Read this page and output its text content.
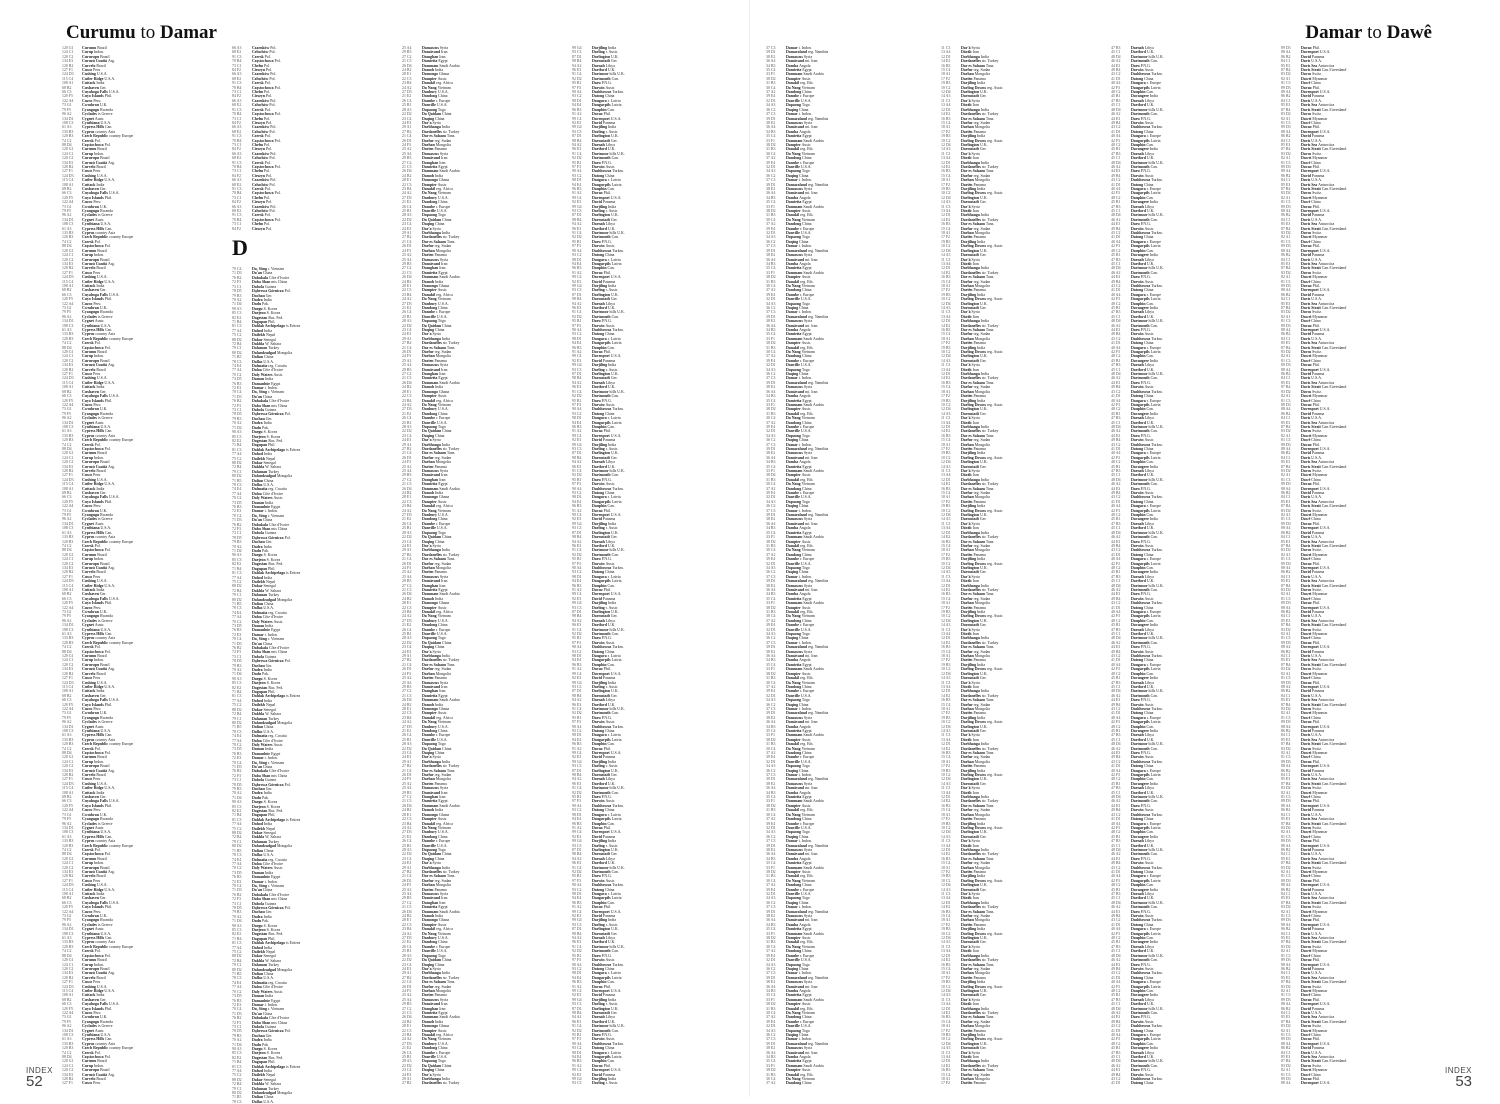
Curumu to Damar
120 G1 Curumu Brazil
124 C1 Curup Indon.
120 C2 Cururupu Brazil
134 E3 Curuzú Cuatiá Arg.
120 B2 Curvelo Brazil
127 F1 Cusco Peru
124 D3 Cushing U.S.A.
115 C4 Cutler Ridge U.S.A.
108 A1 Cuttack India
68 B2	Cuxhaven Ger.
66 C3	Cuyahoga Falls U.S.A.
120 F5 Cuyo Islands Phil.
122 A4 Cuzco Peru
73 G1	Cwmbran U.K.
79 F5	Cyangugu Rwanda
96 A2	Cyclades is Greece
134 D1 Cygnet Austr.
108 C3 Cynthiana U.S.A.
61 A3	Cypress Hills Can.
133 B3 Cyprus country Asia
120 B3 Czech Republic country Europe
74 C2	Czersk Pol.
88 D4	Częstochowa Pol.
120 G1 Curumu Brazil
124 C1 Curup Indon.
120 C2 Cururupu Brazil
134 E3 Curuzú Cuatiá Arg.
120 B2 Curvelo Brazil
127 F1 Cusco Peru
124 D3 Cushing U.S.A.
115 C4 Cutler Ridge U.S.A.
108 A1 Cuttack India
68 B2	Cuxhaven Ger.
66 C3	Cuyahoga Falls U.S.A.
120 F5 Cuyo Islands Phil.
122 A4 Cuzco Peru
73 G1	Cwmbran U.K.
79 F5	Cyangugu Rwanda
96 A2	Cyclades is Greece
134 D1 Cygnet Austr.
108 C3 Cynthiana U.S.A.
61 A3	Cypress Hills Can.
133 B3 Cyprus country Asia
120 B3 Czech Republic country Europe
74 C2	Czersk Pol.
88 D4	Częstochowa Pol.
120 G1 Curumu Brazil
124 C1 Curup Indon.
120 C2 Cururupu Brazil
134 E3 Curuzú Cuatiá Arg.
120 B2 Curvelo Brazil
127 F1 Cusco Peru
124 D3 Cushing U.S.A.
115 C4 Cutler Ridge U.S.A.
108 A1 Cuttack India
68 B2	Cuxhaven Ger.
66 C3	Cuyahoga Falls U.S.A.
120 F5 Cuyo Islands Phil.
122 A4 Cuzco Peru
73 G1	Cwmbran U.K.
79 F5	Cyangugu Rwanda
96 A2	Cyclades is Greece
134 D1 Cygnet Austr.
108 C3 Cynthiana U.S.A.
61 A3	Cypress Hills Can.
133 B3 Cyprus country Asia
120 B3 Czech Republic country Europe
74 C2	Czersk Pol.
88 D4	Częstochowa Pol.
120 G1 Curumu Brazil
124 C1 Curup Indon.
120 C2 Cururupu Brazil
134 E3 Curuzú Cuatiá Arg.
120 B2 Curvelo Brazil
127 F1 Cusco Peru
124 D3 Cushing U.S.A.
115 C4 Cutler Ridge U.S.A.
108 A1 Cuttack India
68 B2	Cuxhaven Ger.
66 C3	Cuyahoga Falls U.S.A.
120 F5 Cuyo Islands Phil.
122 A4 Cuzco Peru
73 G1	Cwmbran U.K.
79 F5	Cyangugu Rwanda
96 A2	Cyclades is Greece
134 D1 Cygnet Austr.
108 C3 Cynthiana U.S.A.
61 A3	Cypress Hills Can.
133 B3 Cyprus country Asia
120 B3 Czech Republic country Europe
74 C2	Czersk Pol.
88 D4	Częstochowa Pol.
120 G1 Curumu Brazil
124 C1 Curup Indon.
120 C2 Cururupu Brazil
134 E3 Curuzú Cuatiá Arg.
120 B2 Curvelo Brazil
127 F1 Cusco Peru
124 D3 Cushing U.S.A.
115 C4 Cutler Ridge U.S.A.
108 A1 Cuttack India
68 B2	Cuxhaven Ger.
66 C3	Cuyahoga Falls U.S.A.
120 F5 Cuyo Islands Phil.
122 A4 Cuzco Peru
73 G1	Cwmbran U.K.
79 F5	Cyangugu Rwanda
96 A2	Cyclades is Greece
134 D1 Cygnet Austr.
108 C3 Cynthiana U.S.A.
61 A3	Cypress Hills Can.
133 B3 Cyprus country Asia
120 B3 Czech Republic country Europe
74 C2	Czersk Pol.
88 D4	Częstochowa Pol.
120 G1 Curumu Brazil
124 C1 Curup Indon.
120 C2 Cururupu Brazil
134 E3 Curuzú Cuatiá Arg.
120 B2 Curvelo Brazil
127 F1 Cusco Peru
124 D3 Cushing U.S.A.
115 C4 Cutler Ridge U.S.A.
108 A1 Cuttack India
68 B2	Cuxhaven Ger.
66 C3	Cuyahoga Falls U.S.A.
120 F5 Cuyo Islands Phil.
122 A4 Cuzco Peru
73 G1	Cwmbran U.K.
79 F5	Cyangugu Rwanda
96 A2	Cyclades is Greece
134 D1 Cygnet Austr.
108 C3 Cynthiana U.S.A.
61 A3	Cypress Hills Can.
133 B3 Cyprus country Asia
120 B3 Czech Republic country Europe
74 C2	Czersk Pol.
88 D4	Częstochowa Pol.
120 G1 Curumu Brazil
124 C1 Curup Indon.
120 C2 Cururupu Brazil
134 E3 Curuzú Cuatiá Arg.
120 B2 Curvelo Brazil
127 F1 Cusco Peru
124 D3 Cushing U.S.A.
115 C4 Cutler Ridge U.S.A.
108 A1 Cuttack India
68 B2	Cuxhaven Ger.
66 C3	Cuyahoga Falls U.S.A.
120 F5 Cuyo Islands Phil.
122 A4 Cuzco Peru
73 G1	Cwmbran U.K.
79 F5	Cyangugu Rwanda
96 A2	Cyclades is Greece
134 D1 Cygnet Austr.
108 C3 Cynthiana U.S.A.
61 A3	Cypress Hills Can.
133 B3 Cyprus country Asia
120 B3 Czech Republic country Europe
74 C2	Czersk Pol.
88 D4	Częstochowa Pol.
120 G1 Curumu Brazil
124 C1 Curup Indon.
120 C2 Cururupu Brazil
134 E3 Curuzú Cuatiá Arg.
120 B2 Curvelo Brazil
127 F1 Cusco Peru
124 D3 Cushing U.S.A.
115 C4 Cutler Ridge U.S.A.
108 A1 Cuttack India
68 B2	Cuxhaven Ger.
66 C3	Cuyahoga Falls U.S.A.
120 F5 Cuyo Islands Phil.
122 A4 Cuzco Peru
73 G1	Cwmbran U.K.
79 F5	Cyangugu Rwanda
96 A2	Cyclades is Greece
134 D1 Cygnet Austr.
108 C3 Cynthiana U.S.A.
61 A3	Cypress Hills Can.
133 B3 Cyprus country Asia
120 B3 Czech Republic country Europe
74 C2	Czersk Pol.
88 D4	Częstochowa Pol.
120 G1 Curumu Brazil
124 C1 Curup Indon.
120 C2 Cururupu Brazil
134 E3 Curuzú Cuatiá Arg.
120 B2 Curvelo Brazil
127 F1 Cusco Peru
124 D3 Cushing U.S.A.
115 C4 Cutler Ridge U.S.A.
108 A1 Cuttack India
68 B2	Cuxhaven Ger.
66 C3	Cuyahoga Falls U.S.A.
120 F5 Cuyo Islands Phil.
122 A4 Cuzco Peru
73 G1	Cwmbran U.K.
79 F5	Cyangugu Rwanda
96 A2	Cyclades is Greece
134 D1 Cygnet Austr.
108 C3 Cynthiana U.S.A.
61 A3	Cypress Hills Can.
133 B3 Cyprus country Asia
120 B3 Czech Republic country Europe
74 C2	Czersk Pol.
88 D4	Częstochowa Pol.
120 G1 Curumu Brazil
124 C1 Curup Indon.
120 C2 Cururupu Brazil
134 E3 Curuzú Cuatiá Arg.
120 B2 Curvelo Brazil
127 F1 Cusco Peru
124 D3 Cushing U.S.A.
115 C4 Cutler Ridge U.S.A.
108 A1 Cuttack India
68 B2	Cuxhaven Ger.
66 C3	Cuyahoga Falls U.S.A.
120 F5 Cuyo Islands Phil.
122 A4 Cuzco Peru
73 G1	Cwmbran U.K.
79 F5	Cyangugu Rwanda
96 A2	Cyclades is Greece
134 D1 Cygnet Austr.
108 C3 Cynthiana U.S.A.
61 A3	Cypress Hills Can.
133 B3 Cyprus country Asia
120 B3 Czech Republic country Europe
74 C2	Czersk Pol.
88 D4	Częstochowa Pol.
120 G1 Curumu Brazil
124 C1 Curup Indon.
120 C2 Cururupu Brazil
134 E3 Curuzú Cuatiá Arg.
120 B2 Curvelo Brazil
127 F1 Cusco Peru
66 A3	Czarnków Pol.
68 E2	Człuchów Pol.
91 C3	Czersk Pol.
70 B4	Częstochowa Pol.
73 C1	Chełm Pol.
84 F2	Cieszyn Pol.
66 A3	Czarnków Pol.
68 E2	Człuchów Pol.
91 C3	Czersk Pol.
70 B4	Częstochowa Pol.
73 C1	Chełm Pol.
84 F2	Cieszyn Pol.
66 A3	Czarnków Pol.
68 E2	Człuchów Pol.
91 C3	Czersk Pol.
70 B4	Częstochowa Pol.
73 C1	Chełm Pol.
84 F2	Cieszyn Pol.
66 A3	Czarnków Pol.
68 E2	Człuchów Pol.
91 C3	Czersk Pol.
70 B4	Częstochowa Pol.
73 C1	Chełm Pol.
84 F2	Cieszyn Pol.
66 A3	Czarnków Pol.
68 E2	Człuchów Pol.
91 C3	Czersk Pol.
70 B4	Częstochowa Pol.
73 C1	Chełm Pol.
84 F2	Cieszyn Pol.
66 A3	Czarnków Pol.
68 E2	Człuchów Pol.
91 C3	Czersk Pol.
70 B4	Częstochowa Pol.
73 C1	Chełm Pol.
84 F2	Cieszyn Pol.
66 A3	Czarnków Pol.
68 E2	Człuchów Pol.
91 C3	Czersk Pol.
70 B4	Częstochowa Pol.
73 C1	Chełm Pol.
84 F2	Cieszyn Pol.
D
70 C4	Da, Sông r. Vietnam
71 D3	Da'an China
76 B2	Dabakala Côte d'Ivoire
72 F3	Daba Shan mts China
73 C1	Dabola Guinea
78 D5	Dąbrowa Górnicza Pol.
79 B3	Dachau Ger.
70 A2	Dadra India
71 D4	Dadu Pak.
90 A3	Daegu S. Korea
85 C3	Daejeon S. Korea
82 E2	Dagestan Rus. Fed.
71 B4	Dagupan Phil.
81 C3	Dahlak Archipelago is Eritrea
77 A4	Dahod India
75 C2	Dailekh Nepal
88 D2	Dakar Senegal
72 B4	Dakhla W. Sahara
79 C1	Dalaman Turkey
80 D2	Dalandzadgad Mongolia
71 B5	Dalian China
78 C3	Dallas U.S.A.
74 E4	Dalmatia reg. Croatia
77 A4	Daloa Côte d'Ivoire
70 C2	Daly Waters Austr.
73 D5	Daman India
76 B3	Damanhūr Egypt
72 E3	Damar i. Indon.
70 C4	Da, Sông r. Vietnam
71 D3	Da'an China
76 B2	Dabakala Côte d'Ivoire
72 F3	Daba Shan mts China
73 C1	Dabola Guinea
78 D5	Dąbrowa Górnicza Pol.
79 B3	Dachau Ger.
70 A2	Dadra India
71 D4	Dadu Pak.
90 A3	Daegu S. Korea
85 C3	Daejeon S. Korea
82 E2	Dagestan Rus. Fed.
71 B4	Dagupan Phil.
81 C3	Dahlak Archipelago is Eritrea
77 A4	Dahod India
75 C2	Dailekh Nepal
88 D2	Dakar Senegal
72 B4	Dakhla W. Sahara
79 C1	Dalaman Turkey
80 D2	Dalandzadgad Mongolia
71 B5	Dalian China
78 C3	Dallas U.S.A.
74 E4	Dalmatia reg. Croatia
77 A4	Daloa Côte d'Ivoire
70 C2	Daly Waters Austr.
73 D5	Daman India
76 B3	Damanhūr Egypt
72 E3	Damar i. Indon.
70 C4	Da, Sông r. Vietnam
71 D3	Da'an China
76 B2	Dabakala Côte d'Ivoire
72 F3	Daba Shan mts China
73 C1	Dabola Guinea
78 D5	Dąbrowa Górnicza Pol.
79 B3	Dachau Ger.
70 A2	Dadra India
71 D4	Dadu Pak.
90 A3	Daegu S. Korea
85 C3	Daejeon S. Korea
82 E2	Dagestan Rus. Fed.
71 B4	Dagupan Phil.
81 C3	Dahlak Archipelago is Eritrea
77 A4	Dahod India
75 C2	Dailekh Nepal
88 D2	Dakar Senegal
72 B4	Dakhla W. Sahara
79 C1	Dalaman Turkey
80 D2	Dalandzadgad Mongolia
71 B5	Dalian China
78 C3	Dallas U.S.A.
74 E4	Dalmatia reg. Croatia
77 A4	Daloa Côte d'Ivoire
70 C2	Daly Waters Austr.
73 D5	Daman India
76 B3	Damanhūr Egypt
72 E3	Damar i. Indon.
70 C4	Da, Sông r. Vietnam
71 D3	Da'an China
76 B2	Dabakala Côte d'Ivoire
72 F3	Daba Shan mts China
73 C1	Dabola Guinea
78 D5	Dąbrowa Górnicza Pol.
79 B3	Dachau Ger.
70 A2	Dadra India
71 D4	Dadu Pak.
90 A3	Daegu S. Korea
85 C3	Daejeon S. Korea
82 E2	Dagestan Rus. Fed.
71 B4	Dagupan Phil.
81 C3	Dahlak Archipelago is Eritrea
77 A4	Dahod India
75 C2	Dailekh Nepal
88 D2	Dakar Senegal
72 B4	Dakhla W. Sahara
79 C1	Dalaman Turkey
80 D2	Dalandzadgad Mongolia
71 B5	Dalian China
78 C3	Dallas U.S.A.
74 E4	Dalmatia reg. Croatia
77 A4	Daloa Côte d'Ivoire
70 C2	Daly Waters Austr.
73 D5	Daman India
76 B3	Damanhūr Egypt
72 E3	Damar i. Indon.
70 C4	Da, Sông r. Vietnam
71 D3	Da'an China
76 B2	Dabakala Côte d'Ivoire
72 F3	Daba Shan mts China
73 C1	Dabola Guinea
78 D5	Dąbrowa Górnicza Pol.
79 B3	Dachau Ger.
70 A2	Dadra India
71 D4	Dadu Pak.
90 A3	Daegu S. Korea
85 C3	Daejeon S. Korea
82 E2	Dagestan Rus. Fed.
71 B4	Dagupan Phil.
81 C3	Dahlak Archipelago is Eritrea
77 A4	Dahod India
75 C2	Dailekh Nepal
88 D2	Dakar Senegal
72 B4	Dakhla W. Sahara
79 C1	Dalaman Turkey
80 D2	Dalandzadgad Mongolia
71 B5	Dalian China
78 C3	Dallas U.S.A.
74 E4	Dalmatia reg. Croatia
77 A4	Daloa Côte d'Ivoire
70 C2	Daly Waters Austr.
73 D5	Daman India
76 B3	Damanhūr Egypt
72 E3	Damar i. Indon.
70 C4	Da, Sông r. Vietnam
71 D3	Da'an China
76 B2	Dabakala Côte d'Ivoire
72 F3	Daba Shan mts China
73 C1	Dabola Guinea
78 D5	Dąbrowa Górnicza Pol.
79 B3	Dachau Ger.
70 A2	Dadra India
71 D4	Dadu Pak.
90 A3	Daegu S. Korea
85 C3	Daejeon S. Korea
82 E2	Dagestan Rus. Fed.
71 B4	Dagupan Phil.
81 C3	Dahlak Archipelago is Eritrea
77 A4	Dahod India
75 C2	Dailekh Nepal
88 D2	Dakar Senegal
72 B4	Dakhla W. Sahara
79 C1	Dalaman Turkey
80 D2	Dalandzadgad Mongolia
71 B5	Dalian China
78 C3	Dallas U.S.A.
74 E4	Dalmatia reg. Croatia
77 A4	Daloa Côte d'Ivoire
70 C2	Daly Waters Austr.
73 D5	Daman India
76 B3	Damanhūr Egypt
72 E3	Damar i. Indon.
70 C4	Da, Sông r. Vietnam
71 D3	Da'an China
76 B2	Dabakala Côte d'Ivoire
72 F3	Daba Shan mts China
73 C1	Dabola Guinea
78 D5	Dąbrowa Górnicza Pol.
79 B3	Dachau Ger.
70 A2	Dadra India
71 D4	Dadu Pak.
90 A3	Daegu S. Korea
85 C3	Daejeon S. Korea
82 E2	Dagestan Rus. Fed.
71 B4	Dagupan Phil.
81 C3	Dahlak Archipelago is Eritrea
77 A4	Dahod India
75 C2	Dailekh Nepal
88 D2	Dakar Senegal
72 B4	Dakhla W. Sahara
79 C1	Dalaman Turkey
80 D2	Dalandzadgad Mongolia
71 B5	Dalian China
78 C3	Dallas U.S.A.
25 A4	Damascus Syria
29 B3	Damāvand Iran
27 C2	Damghan Iran
21 C3	Damietta Egypt
26 D4	Dammam Saudi Arabia
24 B2	Damoh India
28 E1	Damongo Ghana
22 C3	Dampier Austr.
23 B4	Danakil reg. Africa
24 A2	Da Nang Vietnam
27 D3	Danbury U.S.A.
21 E2	Dandong China
26 C4	Danube r. Europe
25 B1	Danville U.S.A.
28 A3	Dapaong Togo
22 D2	Da Qaidam China
23 C4	Daqing China
24 E3	Dar'a Syria
29 A1	Darbhanga India
27 B2	Dardanelles str. Turkey
21 C4	Dar es Salaam Tanz.
26 D1	Darfur reg. Sudan
24 F3	Darhan Mongolia
25 A2	Darien Panama
25 A4	Damascus Syria
29 B3	Damāvand Iran
27 C2	Damghan Iran
21 C3	Damietta Egypt
26 D4	Dammam Saudi Arabia
24 B2	Damoh India
28 E1	Damongo Ghana
22 C3	Dampier Austr.
23 B4	Danakil reg. Africa
24 A2	Da Nang Vietnam
27 D3	Danbury U.S.A.
21 E2	Dandong China
26 C4	Danube r. Europe
25 B1	Danville U.S.A.
28 A3	Dapaong Togo
22 D2	Da Qaidam China
23 C4	Daqing China
24 E3	Dar'a Syria
29 A1	Darbhanga India
27 B2	Dardanelles str. Turkey
21 C4	Dar es Salaam Tanz.
26 D1	Darfur reg. Sudan
24 F3	Darhan Mongolia
25 A2	Darien Panama
25 A4	Damascus Syria
29 B3	Damāvand Iran
27 C2	Damghan Iran
21 C3	Damietta Egypt
26 D4	Dammam Saudi Arabia
24 B2	Damoh India
28 E1	Damongo Ghana
22 C3	Dampier Austr.
23 B4	Danakil reg. Africa
24 A2	Da Nang Vietnam
27 D3	Danbury U.S.A.
21 E2	Dandong China
26 C4	Danube r. Europe
25 B1	Danville U.S.A.
28 A3	Dapaong Togo
22 D2	Da Qaidam China
23 C4	Daqing China
24 E3	Dar'a Syria
29 A1	Darbhanga India
27 B2	Dardanelles str. Turkey
21 C4	Dar es Salaam Tanz.
26 D1	Darfur reg. Sudan
24 F3	Darhan Mongolia
25 A2	Darien Panama
25 A4	Damascus Syria
29 B3	Damāvand Iran
27 C2	Damghan Iran
21 C3	Damietta Egypt
26 D4	Dammam Saudi Arabia
24 B2	Damoh India
28 E1	Damongo Ghana
22 C3	Dampier Austr.
23 B4	Danakil reg. Africa
24 A2	Da Nang Vietnam
27 D3	Danbury U.S.A.
21 E2	Dandong China
26 C4	Danube r. Europe
25 B1	Danville U.S.A.
28 A3	Dapaong Togo
22 D2	Da Qaidam China
23 C4	Daqing China
24 E3	Dar'a Syria
29 A1	Darbhanga India
27 B2	Dardanelles str. Turkey
21 C4	Dar es Salaam Tanz.
26 D1	Darfur reg. Sudan
24 F3	Darhan Mongolia
25 A2	Darien Panama
25 A4	Damascus Syria
29 B3	Damāvand Iran
27 C2	Damghan Iran
21 C3	Damietta Egypt
26 D4	Dammam Saudi Arabia
24 B2	Damoh India
28 E1	Damongo Ghana
22 C3	Dampier Austr.
23 B4	Danakil reg. Africa
24 A2	Da Nang Vietnam
27 D3	Danbury U.S.A.
21 E2	Dandong China
26 C4	Danube r. Europe
25 B1	Danville U.S.A.
28 A3	Dapaong Togo
22 D2	Da Qaidam China
23 C4	Daqing China
24 E3	Dar'a Syria
29 A1	Darbhanga India
27 B2	Dardanelles str. Turkey
21 C4	Dar es Salaam Tanz.
26 D1	Darfur reg. Sudan
24 F3	Darhan Mongolia
25 A2	Darien Panama
25 A4	Damascus Syria
29 B3	Damāvand Iran
27 C2	Damghan Iran
21 C3	Damietta Egypt
26 D4	Dammam Saudi Arabia
24 B2	Damoh India
28 E1	Damongo Ghana
22 C3	Dampier Austr.
23 B4	Danakil reg. Africa
24 A2	Da Nang Vietnam
27 D3	Danbury U.S.A.
21 E2	Dandong China
26 C4	Danube r. Europe
25 B1	Danville U.S.A.
28 A3	Dapaong Togo
22 D2	Da Qaidam China
23 C4	Daqing China
24 E3	Dar'a Syria
29 A1	Darbhanga India
27 B2	Dardanelles str. Turkey
21 C4	Dar es Salaam Tanz.
26 D1	Darfur reg. Sudan
24 F3	Darhan Mongolia
25 A2	Darien Panama
25 A4	Damascus Syria
29 B3	Damāvand Iran
27 C2	Damghan Iran
21 C3	Damietta Egypt
26 D4	Dammam Saudi Arabia
24 B2	Damoh India
28 E1	Damongo Ghana
22 C3	Dampier Austr.
23 B4	Danakil reg. Africa
24 A2	Da Nang Vietnam
27 D3	Danbury U.S.A.
21 E2	Dandong China
26 C4	Danube r. Europe
25 B1	Danville U.S.A.
28 A3	Dapaong Togo
22 D2	Da Qaidam China
23 C4	Daqing China
24 E3	Dar'a Syria
29 A1	Darbhanga India
27 B2	Dardanelles str. Turkey
21 C4	Dar es Salaam Tanz.
26 D1	Darfur reg. Sudan
24 F3	Darhan Mongolia
25 A2	Darien Panama
25 A4	Damascus Syria
29 B3	Damāvand Iran
27 C2	Damghan Iran
21 C3	Damietta Egypt
26 D4	Dammam Saudi Arabia
24 B2	Damoh India
28 E1	Damongo Ghana
22 C3	Dampier Austr.
23 B4	Danakil reg. Africa
24 A2	Da Nang Vietnam
27 D3	Danbury U.S.A.
21 E2	Dandong China
26 C4	Danube r. Europe
25 B1	Danville U.S.A.
28 A3	Dapaong Togo
22 D2	Da Qaidam China
23 C4	Daqing China
24 E3	Dar'a Syria
29 A1	Darbhanga India
27 B2	Dardanelles str. Turkey
21 C4	Dar es Salaam Tanz.
26 D1	Darfur reg. Sudan
24 F3	Darhan Mongolia
25 A2	Darien Panama
25 A4	Damascus Syria
29 B3	Damāvand Iran
27 C2	Damghan Iran
21 C3	Damietta Egypt
26 D4	Dammam Saudi Arabia
24 B2	Damoh India
28 E1	Damongo Ghana
22 C3	Dampier Austr.
23 B4	Danakil reg. Africa
24 A2	Da Nang Vietnam
27 D3	Danbury U.S.A.
21 E2	Dandong China
26 C4	Danube r. Europe
25 B1	Danville U.S.A.
28 A3	Dapaong Togo
22 D2	Da Qaidam China
23 C4	Daqing China
24 E3	Dar'a Syria
29 A1	Darbhanga India
27 B2	Dardanelles str. Turkey
21 C4	Dar es Salaam Tanz.
26 D1	Darfur reg. Sudan
24 F3	Darhan Mongolia
25 A2	Darien Panama
25 A4	Damascus Syria
29 B3	Damāvand Iran
27 C2	Damghan Iran
21 C3	Damietta Egypt
26 D4	Dammam Saudi Arabia
24 B2	Damoh India
28 E1	Damongo Ghana
22 C3	Dampier Austr.
23 B4	Danakil reg. Africa
24 A2	Da Nang Vietnam
27 D3	Danbury U.S.A.
21 E2	Dandong China
26 C4	Danube r. Europe
25 B1	Danville U.S.A.
28 A3	Dapaong Togo
22 D2	Da Qaidam China
23 C4	Daqing China
24 E3	Dar'a Syria
29 A1	Darbhanga India
27 B2	Dardanelles str. Turkey
99 G4	Darjiling India
93 C3	Darling r. Austr.
87 D1	Darlington U.K.
98 B4	Darmstadt Ger.
94 A2	Darnah Libya
96 E3	Dartford U.K.
91 C4	Dartmoor hills U.K.
92 D2	Dartmouth Can.
95 B1	Daru P.N.G.
97 F3	Darwin Austr.
90 A4	Dashhowuz Turkm.
93 C2	Datong China
98 D1	Daugava r. Latvia
94 E4	Daugavpils Latvia
96 B3	Dauphin Can.
91 A2	Davao Phil.
99 C4	Davenport U.S.A.
92 E3	David Panama
99 G4	Darjiling India
93 C3	Darling r. Austr.
87 D1	Darlington U.K.
98 B4	Darmstadt Ger.
94 A2	Darnah Libya
96 E3	Dartford U.K.
91 C4	Dartmoor hills U.K.
92 D2	Dartmouth Can.
95 B1	Daru P.N.G.
97 F3	Darwin Austr.
90 A4	Dashhowuz Turkm.
93 C2	Datong China
98 D1	Daugava r. Latvia
94 E4	Daugavpils Latvia
96 B3	Dauphin Can.
91 A2	Davao Phil.
99 C4	Davenport U.S.A.
92 E3	David Panama
99 G4	Darjiling India
93 C3	Darling r. Austr.
87 D1	Darlington U.K.
98 B4	Darmstadt Ger.
94 A2	Darnah Libya
96 E3	Dartford U.K.
91 C4	Dartmoor hills U.K.
92 D2	Dartmouth Can.
95 B1	Daru P.N.G.
97 F3	Darwin Austr.
90 A4	Dashhowuz Turkm.
93 C2	Datong China
98 D1	Daugava r. Latvia
94 E4	Daugavpils Latvia
96 B3	Dauphin Can.
91 A2	Davao Phil.
99 C4	Davenport U.S.A.
92 E3	David Panama
99 G4	Darjiling India
93 C3	Darling r. Austr.
87 D1	Darlington U.K.
98 B4	Darmstadt Ger.
94 A2	Darnah Libya
96 E3	Dartford U.K.
91 C4	Dartmoor hills U.K.
92 D2	Dartmouth Can.
95 B1	Daru P.N.G.
97 F3	Darwin Austr.
90 A4	Dashhowuz Turkm.
93 C2	Datong China
98 D1	Daugava r. Latvia
94 E4	Daugavpils Latvia
96 B3	Dauphin Can.
91 A2	Davao Phil.
99 C4	Davenport U.S.A.
92 E3	David Panama
99 G4	Darjiling India
93 C3	Darling r. Austr.
87 D1	Darlington U.K.
98 B4	Darmstadt Ger.
94 A2	Darnah Libya
96 E3	Dartford U.K.
91 C4	Dartmoor hills U.K.
92 D2	Dartmouth Can.
95 B1	Daru P.N.G.
97 F3	Darwin Austr.
90 A4	Dashhowuz Turkm.
93 C2	Datong China
98 D1	Daugava r. Latvia
94 E4	Daugavpils Latvia
96 B3	Dauphin Can.
91 A2	Davao Phil.
99 C4	Davenport U.S.A.
92 E3	David Panama
99 G4	Darjiling India
93 C3	Darling r. Austr.
87 D1	Darlington U.K.
98 B4	Darmstadt Ger.
94 A2	Darnah Libya
96 E3	Dartford U.K.
91 C4	Dartmoor hills U.K.
92 D2	Dartmouth Can.
95 B1	Daru P.N.G.
97 F3	Darwin Austr.
90 A4	Dashhowuz Turkm.
93 C2	Datong China
98 D1	Daugava r. Latvia
94 E4	Daugavpils Latvia
96 B3	Dauphin Can.
91 A2	Davao Phil.
99 C4	Davenport U.S.A.
92 E3	David Panama
99 G4	Darjiling India
93 C3	Darling r. Austr.
87 D1	Darlington U.K.
98 B4	Darmstadt Ger.
94 A2	Darnah Libya
96 E3	Dartford U.K.
91 C4	Dartmoor hills U.K.
92 D2	Dartmouth Can.
95 B1	Daru P.N.G.
97 F3	Darwin Austr.
90 A4	Dashhowuz Turkm.
93 C2	Datong China
98 D1	Daugava r. Latvia
94 E4	Daugavpils Latvia
96 B3	Dauphin Can.
91 A2	Davao Phil.
99 C4	Davenport U.S.A.
92 E3	David Panama
99 G4	Darjiling India
93 C3	Darling r. Austr.
87 D1	Darlington U.K.
98 B4	Darmstadt Ger.
94 A2	Darnah Libya
96 E3	Dartford U.K.
91 C4	Dartmoor hills U.K.
92 D2	Dartmouth Can.
95 B1	Daru P.N.G.
97 F3	Darwin Austr.
90 A4	Dashhowuz Turkm.
93 C2	Datong China
98 D1	Daugava r. Latvia
94 E4	Daugavpils Latvia
96 B3	Dauphin Can.
91 A2	Davao Phil.
99 C4	Davenport U.S.A.
92 E3	David Panama
99 G4	Darjiling India
93 C3	Darling r. Austr.
87 D1	Darlington U.K.
98 B4	Darmstadt Ger.
94 A2	Darnah Libya
96 E3	Dartford U.K.
91 C4	Dartmoor hills U.K.
92 D2	Dartmouth Can.
95 B1	Daru P.N.G.
97 F3	Darwin Austr.
90 A4	Dashhowuz Turkm.
93 C2	Datong China
98 D1	Daugava r. Latvia
94 E4	Daugavpils Latvia
96 B3	Dauphin Can.
91 A2	Davao Phil.
99 C4	Davenport U.S.A.
92 E3	David Panama
99 G4	Darjiling India
93 C3	Darling r. Austr.
87 D1	Darlington U.K.
98 B4	Darmstadt Ger.
94 A2	Darnah Libya
96 E3	Dartford U.K.
91 C4	Dartmoor hills U.K.
92 D2	Dartmouth Can.
95 B1	Daru P.N.G.
97 F3	Darwin Austr.
90 A4	Dashhowuz Turkm.
93 C2	Datong China
98 D1	Daugava r. Latvia
94 E4	Daugavpils Latvia
96 B3	Dauphin Can.
91 A2	Davao Phil.
99 C4	Davenport U.S.A.
92 E3	David Panama
99 G4	Darjiling India
93 C3	Darling r. Austr.
87 D1	Darlington U.K.
98 B4	Darmstadt Ger.
94 A2	Darnah Libya
96 E3	Dartford U.K.
91 C4	Dartmoor hills U.K.
92 D2	Dartmouth Can.
95 B1	Daru P.N.G.
97 F3	Darwin Austr.
90 A4	Dashhowuz Turkm.
93 C2	Datong China
98 D1	Daugava r. Latvia
94 E4	Daugavpils Latvia
96 B3	Dauphin Can.
91 A2	Davao Phil.
99 C4	Davenport U.S.A.
92 E3	David Panama
99 G4	Darjiling India
93 C3	Darling r. Austr.
87 D1	Darlington U.K.
98 B4	Darmstadt Ger.
94 A2	Darnah Libya
96 E3	Dartford U.K.
91 C4	Dartmoor hills U.K.
92 D2	Dartmouth Can.
95 B1	Daru P.N.G.
97 F3	Darwin Austr.
90 A4	Dashhowuz Turkm.
93 C2	Datong China
98 D1	Daugava r. Latvia
94 E4	Daugavpils Latvia
96 B3	Dauphin Can.
91 A2	Davao Phil.
99 C4	Davenport U.S.A.
92 E3	David Panama
99 G4	Darjiling India
93 C3	Darling r. Austr.
87 D1	Darlington U.K.
98 B4	Darmstadt Ger.
94 A2	Darnah Libya
96 E3	Dartford U.K.
91 C4	Dartmoor hills U.K.
92 D2	Dartmouth Can.
95 B1	Daru P.N.G.
97 F3	Darwin Austr.
90 A4	Dashhowuz Turkm.
93 C2	Datong China
98 D1	Daugava r. Latvia
94 E4	Daugavpils Latvia
96 B3	Dauphin Can.
91 A2	Davao Phil.
99 C4	Davenport U.S.A.
92 E3	David Panama
99 G4	Darjiling India
93 C3	Darling r. Austr.
INDEX
52
Damar to Dawê
37 C3	Damar i. Indon.
39 D1	Damaraland reg. Namibia
38 E2	Damascus Syria
36 A4	Damāvand mt. Iran
34 B3	Damba Angola
35 C4	Damietta Egypt
33 F1	Dammam Saudi Arabia
38 D2	Dampier Austr.
31 B3	Danakil reg. Eth.
30 C4	Da Nang Vietnam
37 A2	Dandong China
39 E4	Danube r. Europe
32 D1	Danville U.S.A.
34 A3	Dapaong Togo
36 C2	Daqing China
37 C3	Damar i. Indon.
39 D1	Damaraland reg. Namibia
38 E2	Damascus Syria
36 A4	Damāvand mt. Iran
34 B3	Damba Angola
35 C4	Damietta Egypt
33 F1	Dammam Saudi Arabia
38 D2	Dampier Austr.
31 B3	Danakil reg. Eth.
30 C4	Da Nang Vietnam
37 A2	Dandong China
39 E4	Danube r. Europe
32 D1	Danville U.S.A.
34 A3	Dapaong Togo
36 C2	Daqing China
37 C3	Damar i. Indon.
39 D1	Damaraland reg. Namibia
38 E2	Damascus Syria
36 A4	Damāvand mt. Iran
34 B3	Damba Angola
35 C4	Damietta Egypt
33 F1	Dammam Saudi Arabia
38 D2	Dampier Austr.
31 B3	Danakil reg. Eth.
30 C4	Da Nang Vietnam
37 A2	Dandong China
39 E4	Danube r. Europe
32 D1	Danville U.S.A.
34 A3	Dapaong Togo
36 C2	Daqing China
37 C3	Damar i. Indon.
39 D1	Damaraland reg. Namibia
38 E2	Damascus Syria
36 A4	Damāvand mt. Iran
34 B3	Damba Angola
35 C4	Damietta Egypt
33 F1	Dammam Saudi Arabia
38 D2	Dampier Austr.
31 B3	Danakil reg. Eth.
30 C4	Da Nang Vietnam
37 A2	Dandong China
39 E4	Danube r. Europe
32 D1	Danville U.S.A.
34 A3	Dapaong Togo
36 C2	Daqing China
37 C3	Damar i. Indon.
39 D1	Damaraland reg. Namibia
38 E2	Damascus Syria
36 A4	Damāvand mt. Iran
34 B3	Damba Angola
35 C4	Damietta Egypt
33 F1	Dammam Saudi Arabia
38 D2	Dampier Austr.
31 B3	Danakil reg. Eth.
30 C4	Da Nang Vietnam
37 A2	Dandong China
39 E4	Danube r. Europe
32 D1	Danville U.S.A.
34 A3	Dapaong Togo
36 C2	Daqing China
37 C3	Damar i. Indon.
39 D1	Damaraland reg. Namibia
38 E2	Damascus Syria
36 A4	Damāvand mt. Iran
34 B3	Damba Angola
35 C4	Damietta Egypt
33 F1	Dammam Saudi Arabia
38 D2	Dampier Austr.
31 B3	Danakil reg. Eth.
30 C4	Da Nang Vietnam
37 A2	Dandong China
39 E4	Danube r. Europe
32 D1	Danville U.S.A.
34 A3	Dapaong Togo
36 C2	Daqing China
37 C3	Damar i. Indon.
39 D1	Damaraland reg. Namibia
38 E2	Damascus Syria
36 A4	Damāvand mt. Iran
34 B3	Damba Angola
35 C4	Damietta Egypt
33 F1	Dammam Saudi Arabia
38 D2	Dampier Austr.
31 B3	Danakil reg. Eth.
30 C4	Da Nang Vietnam
37 A2	Dandong China
39 E4	Danube r. Europe
32 D1	Danville U.S.A.
34 A3	Dapaong Togo
36 C2	Daqing China
37 C3	Damar i. Indon.
39 D1	Damaraland reg. Namibia
38 E2	Damascus Syria
36 A4	Damāvand mt. Iran
34 B3	Damba Angola
35 C4	Damietta Egypt
33 F1	Dammam Saudi Arabia
38 D2	Dampier Austr.
31 B3	Danakil reg. Eth.
30 C4	Da Nang Vietnam
37 A2	Dandong China
39 E4	Danube r. Europe
32 D1	Danville U.S.A.
34 A3	Dapaong Togo
36 C2	Daqing China
37 C3	Damar i. Indon.
39 D1	Damaraland reg. Namibia
38 E2	Damascus Syria
36 A4	Damāvand mt. Iran
34 B3	Damba Angola
35 C4	Damietta Egypt
33 F1	Dammam Saudi Arabia
38 D2	Dampier Austr.
31 B3	Danakil reg. Eth.
30 C4	Da Nang Vietnam
37 A2	Dandong China
39 E4	Danube r. Europe
32 D1	Danville U.S.A.
34 A3	Dapaong Togo
36 C2	Daqing China
37 C3	Damar i. Indon.
39 D1	Damaraland reg. Namibia
38 E2	Damascus Syria
36 A4	Damāvand mt. Iran
34 B3	Damba Angola
35 C4	Damietta Egypt
33 F1	Dammam Saudi Arabia
38 D2	Dampier Austr.
31 B3	Danakil reg. Eth.
30 C4	Da Nang Vietnam
37 A2	Dandong China
39 E4	Danube r. Europe
32 D1	Danville U.S.A.
34 A3	Dapaong Togo
36 C2	Daqing China
37 C3	Damar i. Indon.
39 D1	Damaraland reg. Namibia
38 E2	Damascus Syria
36 A4	Damāvand mt. Iran
34 B3	Damba Angola
35 C4	Damietta Egypt
33 F1	Dammam Saudi Arabia
38 D2	Dampier Austr.
31 B3	Danakil reg. Eth.
30 C4	Da Nang Vietnam
37 A2	Dandong China
39 E4	Danube r. Europe
32 D1	Danville U.S.A.
34 A3	Dapaong Togo
36 C2	Daqing China
37 C3	Damar i. Indon.
39 D1	Damaraland reg. Namibia
38 E2	Damascus Syria
36 A4	Damāvand mt. Iran
34 B3	Damba Angola
35 C4	Damietta Egypt
33 F1	Dammam Saudi Arabia
38 D2	Dampier Austr.
31 B3	Danakil reg. Eth.
30 C4	Da Nang Vietnam
37 A2	Dandong China
39 E4	Danube r. Europe
32 D1	Danville U.S.A.
34 A3	Dapaong Togo
36 C2	Daqing China
37 C3	Damar i. Indon.
39 D1	Damaraland reg. Namibia
38 E2	Damascus Syria
36 A4	Damāvand mt. Iran
34 B3	Damba Angola
35 C4	Damietta Egypt
33 F1	Dammam Saudi Arabia
38 D2	Dampier Austr.
31 B3	Danakil reg. Eth.
30 C4	Da Nang Vietnam
37 A2	Dandong China
39 E4	Danube r. Europe
32 D1	Danville U.S.A.
34 A3	Dapaong Togo
36 C2	Daqing China
37 C3	Damar i. Indon.
39 D1	Damaraland reg. Namibia
38 E2	Damascus Syria
36 A4	Damāvand mt. Iran
34 B3	Damba Angola
35 C4	Damietta Egypt
33 F1	Dammam Saudi Arabia
38 D2	Dampier Austr.
31 B3	Danakil reg. Eth.
30 C4	Da Nang Vietnam
37 A2	Dandong China
39 E4	Danube r. Europe
32 D1	Danville U.S.A.
34 A3	Dapaong Togo
36 C2	Daqing China
37 C3	Damar i. Indon.
39 D1	Damaraland reg. Namibia
38 E2	Damascus Syria
36 A4	Damāvand mt. Iran
34 B3	Damba Angola
35 C4	Damietta Egypt
33 F1	Dammam Saudi Arabia
38 D2	Dampier Austr.
31 B3	Danakil reg. Eth.
30 C4	Da Nang Vietnam
37 A2	Dandong China
39 E4	Danube r. Europe
32 D1	Danville U.S.A.
34 A3	Dapaong Togo
36 C2	Daqing China
37 C3	Damar i. Indon.
39 D1	Damaraland reg. Namibia
38 E2	Damascus Syria
36 A4	Damāvand mt. Iran
34 B3	Damba Angola
35 C4	Damietta Egypt
33 F1	Dammam Saudi Arabia
38 D2	Dampier Austr.
31 B3	Danakil reg. Eth.
30 C4	Da Nang Vietnam
37 A2	Dandong China
11 C3	Dar'ā Syria
13 A4	Dārāb Iran
12 D1	Darbhanga India
14 E2	Dardanelles str. Turkey
16 B3	Dar es Salaam Tanz.
15 C4	Darfur reg. Sudan
18 A1	Darhan Mongolia
17 F2	Darién Panama
19 B3	Darjiling India
10 C2	Darling Downs reg. Austr.
12 D4	Darlington U.K.
14 A3	Darmstadt Ger.
11 C3	Dar'ā Syria
13 A4	Dārāb Iran
12 D1	Darbhanga India
14 E2	Dardanelles str. Turkey
16 B3	Dar es Salaam Tanz.
15 C4	Darfur reg. Sudan
18 A1	Darhan Mongolia
17 F2	Darién Panama
19 B3	Darjiling India
10 C2	Darling Downs reg. Austr.
12 D4	Darlington U.K.
14 A3	Darmstadt Ger.
11 C3	Dar'ā Syria
13 A4	Dārāb Iran
12 D1	Darbhanga India
14 E2	Dardanelles str. Turkey
16 B3	Dar es Salaam Tanz.
15 C4	Darfur reg. Sudan
18 A1	Darhan Mongolia
17 F2	Darién Panama
19 B3	Darjiling India
10 C2	Darling Downs reg. Austr.
12 D4	Darlington U.K.
14 A3	Darmstadt Ger.
11 C3	Dar'ā Syria
13 A4	Dārāb Iran
12 D1	Darbhanga India
14 E2	Dardanelles str. Turkey
16 B3	Dar es Salaam Tanz.
15 C4	Darfur reg. Sudan
18 A1	Darhan Mongolia
17 F2	Darién Panama
19 B3	Darjiling India
10 C2	Darling Downs reg. Austr.
12 D4	Darlington U.K.
14 A3	Darmstadt Ger.
11 C3	Dar'ā Syria
13 A4	Dārāb Iran
12 D1	Darbhanga India
14 E2	Dardanelles str. Turkey
16 B3	Dar es Salaam Tanz.
15 C4	Darfur reg. Sudan
18 A1	Darhan Mongolia
17 F2	Darién Panama
19 B3	Darjiling India
10 C2	Darling Downs reg. Austr.
12 D4	Darlington U.K.
14 A3	Darmstadt Ger.
11 C3	Dar'ā Syria
13 A4	Dārāb Iran
12 D1	Darbhanga India
14 E2	Dardanelles str. Turkey
16 B3	Dar es Salaam Tanz.
15 C4	Darfur reg. Sudan
18 A1	Darhan Mongolia
17 F2	Darién Panama
19 B3	Darjiling India
10 C2	Darling Downs reg. Austr.
12 D4	Darlington U.K.
14 A3	Darmstadt Ger.
11 C3	Dar'ā Syria
13 A4	Dārāb Iran
12 D1	Darbhanga India
14 E2	Dardanelles str. Turkey
16 B3	Dar es Salaam Tanz.
15 C4	Darfur reg. Sudan
18 A1	Darhan Mongolia
17 F2	Darién Panama
19 B3	Darjiling India
10 C2	Darling Downs reg. Austr.
12 D4	Darlington U.K.
14 A3	Darmstadt Ger.
11 C3	Dar'ā Syria
13 A4	Dārāb Iran
12 D1	Darbhanga India
14 E2	Dardanelles str. Turkey
16 B3	Dar es Salaam Tanz.
15 C4	Darfur reg. Sudan
18 A1	Darhan Mongolia
17 F2	Darién Panama
19 B3	Darjiling India
10 C2	Darling Downs reg. Austr.
12 D4	Darlington U.K.
14 A3	Darmstadt Ger.
11 C3	Dar'ā Syria
13 A4	Dārāb Iran
12 D1	Darbhanga India
14 E2	Dardanelles str. Turkey
16 B3	Dar es Salaam Tanz.
15 C4	Darfur reg. Sudan
18 A1	Darhan Mongolia
17 F2	Darién Panama
19 B3	Darjiling India
10 C2	Darling Downs reg. Austr.
12 D4	Darlington U.K.
14 A3	Darmstadt Ger.
11 C3	Dar'ā Syria
13 A4	Dārāb Iran
12 D1	Darbhanga India
14 E2	Dardanelles str. Turkey
16 B3	Dar es Salaam Tanz.
15 C4	Darfur reg. Sudan
18 A1	Darhan Mongolia
17 F2	Darién Panama
19 B3	Darjiling India
10 C2	Darling Downs reg. Austr.
12 D4	Darlington U.K.
14 A3	Darmstadt Ger.
11 C3	Dar'ā Syria
13 A4	Dārāb Iran
12 D1	Darbhanga India
14 E2	Dardanelles str. Turkey
16 B3	Dar es Salaam Tanz.
15 C4	Darfur reg. Sudan
18 A1	Darhan Mongolia
17 F2	Darién Panama
19 B3	Darjiling India
10 C2	Darling Downs reg. Austr.
12 D4	Darlington U.K.
14 A3	Darmstadt Ger.
11 C3	Dar'ā Syria
13 A4	Dārāb Iran
12 D1	Darbhanga India
14 E2	Dardanelles str. Turkey
16 B3	Dar es Salaam Tanz.
15 C4	Darfur reg. Sudan
18 A1	Darhan Mongolia
17 F2	Darién Panama
19 B3	Darjiling India
10 C2	Darling Downs reg. Austr.
12 D4	Darlington U.K.
14 A3	Darmstadt Ger.
11 C3	Dar'ā Syria
13 A4	Dārāb Iran
12 D1	Darbhanga India
14 E2	Dardanelles str. Turkey
16 B3	Dar es Salaam Tanz.
15 C4	Darfur reg. Sudan
18 A1	Darhan Mongolia
17 F2	Darién Panama
19 B3	Darjiling India
10 C2	Darling Downs reg. Austr.
12 D4	Darlington U.K.
14 A3	Darmstadt Ger.
11 C3	Dar'ā Syria
13 A4	Dārāb Iran
12 D1	Darbhanga India
14 E2	Dardanelles str. Turkey
16 B3	Dar es Salaam Tanz.
15 C4	Darfur reg. Sudan
18 A1	Darhan Mongolia
17 F2	Darién Panama
19 B3	Darjiling India
10 C2	Darling Downs reg. Austr.
12 D4	Darlington U.K.
14 A3	Darmstadt Ger.
11 C3	Dar'ā Syria
13 A4	Dārāb Iran
12 D1	Darbhanga India
14 E2	Dardanelles str. Turkey
16 B3	Dar es Salaam Tanz.
15 C4	Darfur reg. Sudan
18 A1	Darhan Mongolia
17 F2	Darién Panama
19 B3	Darjiling India
10 C2	Darling Downs reg. Austr.
12 D4	Darlington U.K.
14 A3	Darmstadt Ger.
11 C3	Dar'ā Syria
13 A4	Dārāb Iran
12 D1	Darbhanga India
14 E2	Dardanelles str. Turkey
16 B3	Dar es Salaam Tanz.
15 C4	Darfur reg. Sudan
18 A1	Darhan Mongolia
17 F2	Darién Panama
19 B3	Darjiling India
10 C2	Darling Downs reg. Austr.
12 D4	Darlington U.K.
14 A3	Darmstadt Ger.
11 C3	Dar'ā Syria
13 A4	Dārāb Iran
12 D1	Darbhanga India
14 E2	Dardanelles str. Turkey
16 B3	Dar es Salaam Tanz.
15 C4	Darfur reg. Sudan
18 A1	Darhan Mongolia
17 F2	Darién Panama
19 B3	Darjiling India
10 C2	Darling Downs reg. Austr.
12 D4	Darlington U.K.
14 A3	Darmstadt Ger.
11 C3	Dar'ā Syria
13 A4	Dārāb Iran
12 D1	Darbhanga India
14 E2	Dardanelles str. Turkey
16 B3	Dar es Salaam Tanz.
15 C4	Darfur reg. Sudan
18 A1	Darhan Mongolia
17 F2	Darién Panama
19 B3	Darjiling India
10 C2	Darling Downs reg. Austr.
12 D4	Darlington U.K.
14 A3	Darmstadt Ger.
11 C3	Dar'ā Syria
13 A4	Dārāb Iran
12 D1	Darbhanga India
14 E2	Dardanelles str. Turkey
16 B3	Dar es Salaam Tanz.
15 C4	Darfur reg. Sudan
18 A1	Darhan Mongolia
17 F2	Darién Panama
19 B3	Darjiling India
10 C2	Darling Downs reg. Austr.
12 D4	Darlington U.K.
14 A3	Darmstadt Ger.
11 C3	Dar'ā Syria
13 A4	Dārāb Iran
12 D1	Darbhanga India
14 E2	Dardanelles str. Turkey
16 B3	Dar es Salaam Tanz.
15 C4	Darfur reg. Sudan
18 A1	Darhan Mongolia
17 F2	Darién Panama
47 B3	Darnah Libya
45 C1	Dartford U.K.
48 D4	Dartmoor hills U.K.
46 A2	Dartmouth Can.
44 E3	Daru P.N.G.
49 B4	Darwin Austr.
43 C2	Dashhowuz Turkm.
41 D1	Datong China
40 A4	Daugava r. Europe
42 F3	Daugavpils Latvia
48 C2	Dauphin Can.
45 B1	Davangere India
47 B3	Darnah Libya
45 C1	Dartford U.K.
48 D4	Dartmoor hills U.K.
46 A2	Dartmouth Can.
44 E3	Daru P.N.G.
49 B4	Darwin Austr.
43 C2	Dashhowuz Turkm.
41 D1	Datong China
40 A4	Daugava r. Europe
42 F3	Daugavpils Latvia
48 C2	Dauphin Can.
45 B1	Davangere India
47 B3	Darnah Libya
45 C1	Dartford U.K.
48 D4	Dartmoor hills U.K.
46 A2	Dartmouth Can.
44 E3	Daru P.N.G.
49 B4	Darwin Austr.
43 C2	Dashhowuz Turkm.
41 D1	Datong China
40 A4	Daugava r. Europe
42 F3	Daugavpils Latvia
48 C2	Dauphin Can.
45 B1	Davangere India
47 B3	Darnah Libya
45 C1	Dartford U.K.
48 D4	Dartmoor hills U.K.
46 A2	Dartmouth Can.
44 E3	Daru P.N.G.
49 B4	Darwin Austr.
43 C2	Dashhowuz Turkm.
41 D1	Datong China
40 A4	Daugava r. Europe
42 F3	Daugavpils Latvia
48 C2	Dauphin Can.
45 B1	Davangere India
47 B3	Darnah Libya
45 C1	Dartford U.K.
48 D4	Dartmoor hills U.K.
46 A2	Dartmouth Can.
44 E3	Daru P.N.G.
49 B4	Darwin Austr.
43 C2	Dashhowuz Turkm.
41 D1	Datong China
40 A4	Daugava r. Europe
42 F3	Daugavpils Latvia
48 C2	Dauphin Can.
45 B1	Davangere India
47 B3	Darnah Libya
45 C1	Dartford U.K.
48 D4	Dartmoor hills U.K.
46 A2	Dartmouth Can.
44 E3	Daru P.N.G.
49 B4	Darwin Austr.
43 C2	Dashhowuz Turkm.
41 D1	Datong China
40 A4	Daugava r. Europe
42 F3	Daugavpils Latvia
48 C2	Dauphin Can.
45 B1	Davangere India
47 B3	Darnah Libya
45 C1	Dartford U.K.
48 D4	Dartmoor hills U.K.
46 A2	Dartmouth Can.
44 E3	Daru P.N.G.
49 B4	Darwin Austr.
43 C2	Dashhowuz Turkm.
41 D1	Datong China
40 A4	Daugava r. Europe
42 F3	Daugavpils Latvia
48 C2	Dauphin Can.
45 B1	Davangere India
47 B3	Darnah Libya
45 C1	Dartford U.K.
48 D4	Dartmoor hills U.K.
46 A2	Dartmouth Can.
44 E3	Daru P.N.G.
49 B4	Darwin Austr.
43 C2	Dashhowuz Turkm.
41 D1	Datong China
40 A4	Daugava r. Europe
42 F3	Daugavpils Latvia
48 C2	Dauphin Can.
45 B1	Davangere India
47 B3	Darnah Libya
45 C1	Dartford U.K.
48 D4	Dartmoor hills U.K.
46 A2	Dartmouth Can.
44 E3	Daru P.N.G.
49 B4	Darwin Austr.
43 C2	Dashhowuz Turkm.
41 D1	Datong China
40 A4	Daugava r. Europe
42 F3	Daugavpils Latvia
48 C2	Dauphin Can.
45 B1	Davangere India
47 B3	Darnah Libya
45 C1	Dartford U.K.
48 D4	Dartmoor hills U.K.
46 A2	Dartmouth Can.
44 E3	Daru P.N.G.
49 B4	Darwin Austr.
43 C2	Dashhowuz Turkm.
41 D1	Datong China
40 A4	Daugava r. Europe
42 F3	Daugavpils Latvia
48 C2	Dauphin Can.
45 B1	Davangere India
47 B3	Darnah Libya
45 C1	Dartford U.K.
48 D4	Dartmoor hills U.K.
46 A2	Dartmouth Can.
44 E3	Daru P.N.G.
49 B4	Darwin Austr.
43 C2	Dashhowuz Turkm.
41 D1	Datong China
40 A4	Daugava r. Europe
42 F3	Daugavpils Latvia
48 C2	Dauphin Can.
45 B1	Davangere India
47 B3	Darnah Libya
45 C1	Dartford U.K.
48 D4	Dartmoor hills U.K.
46 A2	Dartmouth Can.
44 E3	Daru P.N.G.
49 B4	Darwin Austr.
43 C2	Dashhowuz Turkm.
41 D1	Datong China
40 A4	Daugava r. Europe
42 F3	Daugavpils Latvia
48 C2	Dauphin Can.
45 B1	Davangere India
47 B3	Darnah Libya
45 C1	Dartford U.K.
48 D4	Dartmoor hills U.K.
46 A2	Dartmouth Can.
44 E3	Daru P.N.G.
49 B4	Darwin Austr.
43 C2	Dashhowuz Turkm.
41 D1	Datong China
40 A4	Daugava r. Europe
42 F3	Daugavpils Latvia
48 C2	Dauphin Can.
45 B1	Davangere India
47 B3	Darnah Libya
45 C1	Dartford U.K.
48 D4	Dartmoor hills U.K.
46 A2	Dartmouth Can.
44 E3	Daru P.N.G.
49 B4	Darwin Austr.
43 C2	Dashhowuz Turkm.
41 D1	Datong China
40 A4	Daugava r. Europe
42 F3	Daugavpils Latvia
48 C2	Dauphin Can.
45 B1	Davangere India
47 B3	Darnah Libya
45 C1	Dartford U.K.
48 D4	Dartmoor hills U.K.
46 A2	Dartmouth Can.
44 E3	Daru P.N.G.
49 B4	Darwin Austr.
43 C2	Dashhowuz Turkm.
41 D1	Datong China
40 A4	Daugava r. Europe
42 F3	Daugavpils Latvia
48 C2	Dauphin Can.
45 B1	Davangere India
47 B3	Darnah Libya
45 C1	Dartford U.K.
48 D4	Dartmoor hills U.K.
46 A2	Dartmouth Can.
44 E3	Daru P.N.G.
49 B4	Darwin Austr.
43 C2	Dashhowuz Turkm.
41 D1	Datong China
40 A4	Daugava r. Europe
42 F3	Daugavpils Latvia
48 C2	Dauphin Can.
45 B1	Davangere India
47 B3	Darnah Libya
45 C1	Dartford U.K.
48 D4	Dartmoor hills U.K.
46 A2	Dartmouth Can.
44 E3	Daru P.N.G.
49 B4	Darwin Austr.
43 C2	Dashhowuz Turkm.
41 D1	Datong China
40 A4	Daugava r. Europe
42 F3	Daugavpils Latvia
48 C2	Dauphin Can.
45 B1	Davangere India
47 B3	Darnah Libya
45 C1	Dartford U.K.
48 D4	Dartmoor hills U.K.
46 A2	Dartmouth Can.
44 E3	Daru P.N.G.
49 B4	Darwin Austr.
43 C2	Dashhowuz Turkm.
41 D1	Datong China
40 A4	Daugava r. Europe
42 F3	Daugavpils Latvia
48 C2	Dauphin Can.
45 B1	Davangere India
47 B3	Darnah Libya
45 C1	Dartford U.K.
48 D4	Dartmoor hills U.K.
46 A2	Dartmouth Can.
44 E3	Daru P.N.G.
49 B4	Darwin Austr.
43 C2	Dashhowuz Turkm.
41 D1	Datong China
40 A4	Daugava r. Europe
42 F3	Daugavpils Latvia
48 C2	Dauphin Can.
45 B1	Davangere India
47 B3	Darnah Libya
45 C1	Dartford U.K.
48 D4	Dartmoor hills U.K.
46 A2	Dartmouth Can.
44 E3	Daru P.N.G.
49 B4	Darwin Austr.
43 C2	Dashhowuz Turkm.
41 D1	Datong China
89 D3	Davao Phil.
88 A4	Davenport U.S.A.
86 B2	David Panama
84 C1	Davis U.S.A.
85 E3	Davis Sea Antarctica
87 B4	Davis Strait Can./Greenland
83 D2	Davos Switz.
82 A1	Dawei Myanmar
81 C3	Dawê China
89 D3	Davao Phil.
88 A4	Davenport U.S.A.
86 B2	David Panama
84 C1	Davis U.S.A.
85 E3	Davis Sea Antarctica
87 B4	Davis Strait Can./Greenland
83 D2	Davos Switz.
82 A1	Dawei Myanmar
81 C3	Dawê China
89 D3	Davao Phil.
88 A4	Davenport U.S.A.
86 B2	David Panama
84 C1	Davis U.S.A.
85 E3	Davis Sea Antarctica
87 B4	Davis Strait Can./Greenland
83 D2	Davos Switz.
82 A1	Dawei Myanmar
81 C3	Dawê China
89 D3	Davao Phil.
88 A4	Davenport U.S.A.
86 B2	David Panama
84 C1	Davis U.S.A.
85 E3	Davis Sea Antarctica
87 B4	Davis Strait Can./Greenland
83 D2	Davos Switz.
82 A1	Dawei Myanmar
81 C3	Dawê China
89 D3	Davao Phil.
88 A4	Davenport U.S.A.
86 B2	David Panama
84 C1	Davis U.S.A.
85 E3	Davis Sea Antarctica
87 B4	Davis Strait Can./Greenland
83 D2	Davos Switz.
82 A1	Dawei Myanmar
81 C3	Dawê China
89 D3	Davao Phil.
88 A4	Davenport U.S.A.
86 B2	David Panama
84 C1	Davis U.S.A.
85 E3	Davis Sea Antarctica
87 B4	Davis Strait Can./Greenland
83 D2	Davos Switz.
82 A1	Dawei Myanmar
81 C3	Dawê China
89 D3	Davao Phil.
88 A4	Davenport U.S.A.
86 B2	David Panama
84 C1	Davis U.S.A.
85 E3	Davis Sea Antarctica
87 B4	Davis Strait Can./Greenland
83 D2	Davos Switz.
82 A1	Dawei Myanmar
81 C3	Dawê China
89 D3	Davao Phil.
88 A4	Davenport U.S.A.
86 B2	David Panama
84 C1	Davis U.S.A.
85 E3	Davis Sea Antarctica
87 B4	Davis Strait Can./Greenland
83 D2	Davos Switz.
82 A1	Dawei Myanmar
81 C3	Dawê China
89 D3	Davao Phil.
88 A4	Davenport U.S.A.
86 B2	David Panama
84 C1	Davis U.S.A.
85 E3	Davis Sea Antarctica
87 B4	Davis Strait Can./Greenland
83 D2	Davos Switz.
82 A1	Dawei Myanmar
81 C3	Dawê China
89 D3	Davao Phil.
88 A4	Davenport U.S.A.
86 B2	David Panama
84 C1	Davis U.S.A.
85 E3	Davis Sea Antarctica
87 B4	Davis Strait Can./Greenland
83 D2	Davos Switz.
82 A1	Dawei Myanmar
81 C3	Dawê China
89 D3	Davao Phil.
88 A4	Davenport U.S.A.
86 B2	David Panama
84 C1	Davis U.S.A.
85 E3	Davis Sea Antarctica
87 B4	Davis Strait Can./Greenland
83 D2	Davos Switz.
82 A1	Dawei Myanmar
81 C3	Dawê China
89 D3	Davao Phil.
88 A4	Davenport U.S.A.
86 B2	David Panama
84 C1	Davis U.S.A.
85 E3	Davis Sea Antarctica
87 B4	Davis Strait Can./Greenland
83 D2	Davos Switz.
82 A1	Dawei Myanmar
81 C3	Dawê China
89 D3	Davao Phil.
88 A4	Davenport U.S.A.
86 B2	David Panama
84 C1	Davis U.S.A.
85 E3	Davis Sea Antarctica
87 B4	Davis Strait Can./Greenland
83 D2	Davos Switz.
82 A1	Dawei Myanmar
81 C3	Dawê China
89 D3	Davao Phil.
88 A4	Davenport U.S.A.
86 B2	David Panama
84 C1	Davis U.S.A.
85 E3	Davis Sea Antarctica
87 B4	Davis Strait Can./Greenland
83 D2	Davos Switz.
82 A1	Dawei Myanmar
81 C3	Dawê China
89 D3	Davao Phil.
88 A4	Davenport U.S.A.
86 B2	David Panama
84 C1	Davis U.S.A.
85 E3	Davis Sea Antarctica
87 B4	Davis Strait Can./Greenland
83 D2	Davos Switz.
82 A1	Dawei Myanmar
81 C3	Dawê China
89 D3	Davao Phil.
88 A4	Davenport U.S.A.
86 B2	David Panama
84 C1	Davis U.S.A.
85 E3	Davis Sea Antarctica
87 B4	Davis Strait Can./Greenland
83 D2	Davos Switz.
82 A1	Dawei Myanmar
81 C3	Dawê China
89 D3	Davao Phil.
88 A4	Davenport U.S.A.
86 B2	David Panama
84 C1	Davis U.S.A.
85 E3	Davis Sea Antarctica
87 B4	Davis Strait Can./Greenland
83 D2	Davos Switz.
82 A1	Dawei Myanmar
81 C3	Dawê China
89 D3	Davao Phil.
88 A4	Davenport U.S.A.
86 B2	David Panama
84 C1	Davis U.S.A.
85 E3	Davis Sea Antarctica
87 B4	Davis Strait Can./Greenland
83 D2	Davos Switz.
82 A1	Dawei Myanmar
81 C3	Dawê China
89 D3	Davao Phil.
88 A4	Davenport U.S.A.
86 B2	David Panama
84 C1	Davis U.S.A.
85 E3	Davis Sea Antarctica
87 B4	Davis Strait Can./Greenland
83 D2	Davos Switz.
82 A1	Dawei Myanmar
81 C3	Dawê China
89 D3	Davao Phil.
88 A4	Davenport U.S.A.
86 B2	David Panama
84 C1	Davis U.S.A.
85 E3	Davis Sea Antarctica
87 B4	Davis Strait Can./Greenland
83 D2	Davos Switz.
82 A1	Dawei Myanmar
81 C3	Dawê China
89 D3	Davao Phil.
88 A4	Davenport U.S.A.
86 B2	David Panama
84 C1	Davis U.S.A.
85 E3	Davis Sea Antarctica
87 B4	Davis Strait Can./Greenland
83 D2	Davos Switz.
82 A1	Dawei Myanmar
81 C3	Dawê China
89 D3	Davao Phil.
88 A4	Davenport U.S.A.
86 B2	David Panama
84 C1	Davis U.S.A.
85 E3	Davis Sea Antarctica
87 B4	Davis Strait Can./Greenland
83 D2	Davos Switz.
82 A1	Dawei Myanmar
81 C3	Dawê China
89 D3	Davao Phil.
88 A4	Davenport U.S.A.
86 B2	David Panama
84 C1	Davis U.S.A.
85 E3	Davis Sea Antarctica
87 B4	Davis Strait Can./Greenland
83 D2	Davos Switz.
82 A1	Dawei Myanmar
81 C3	Dawê China
89 D3	Davao Phil.
88 A4	Davenport U.S.A.
86 B2	David Panama
84 C1	Davis U.S.A.
85 E3	Davis Sea Antarctica
87 B4	Davis Strait Can./Greenland
83 D2	Davos Switz.
82 A1	Dawei Myanmar
81 C3	Dawê China
89 D3	Davao Phil.
88 A4	Davenport U.S.A.
86 B2	David Panama
84 C1	Davis U.S.A.
85 E3	Davis Sea Antarctica
87 B4	Davis Strait Can./Greenland
83 D2	Davos Switz.
82 A1	Dawei Myanmar
81 C3	Dawê China
89 D3	Davao Phil.
88 A4	Davenport U.S.A.
86 B2	David Panama
84 C1	Davis U.S.A.
85 E3	Davis Sea Antarctica
87 B4	Davis Strait Can./Greenland
83 D2	Davos Switz.
82 A1	Dawei Myanmar
81 C3	Dawê China
89 D3	Davao Phil.
88 A4	Davenport U.S.A.
INDEX
53
